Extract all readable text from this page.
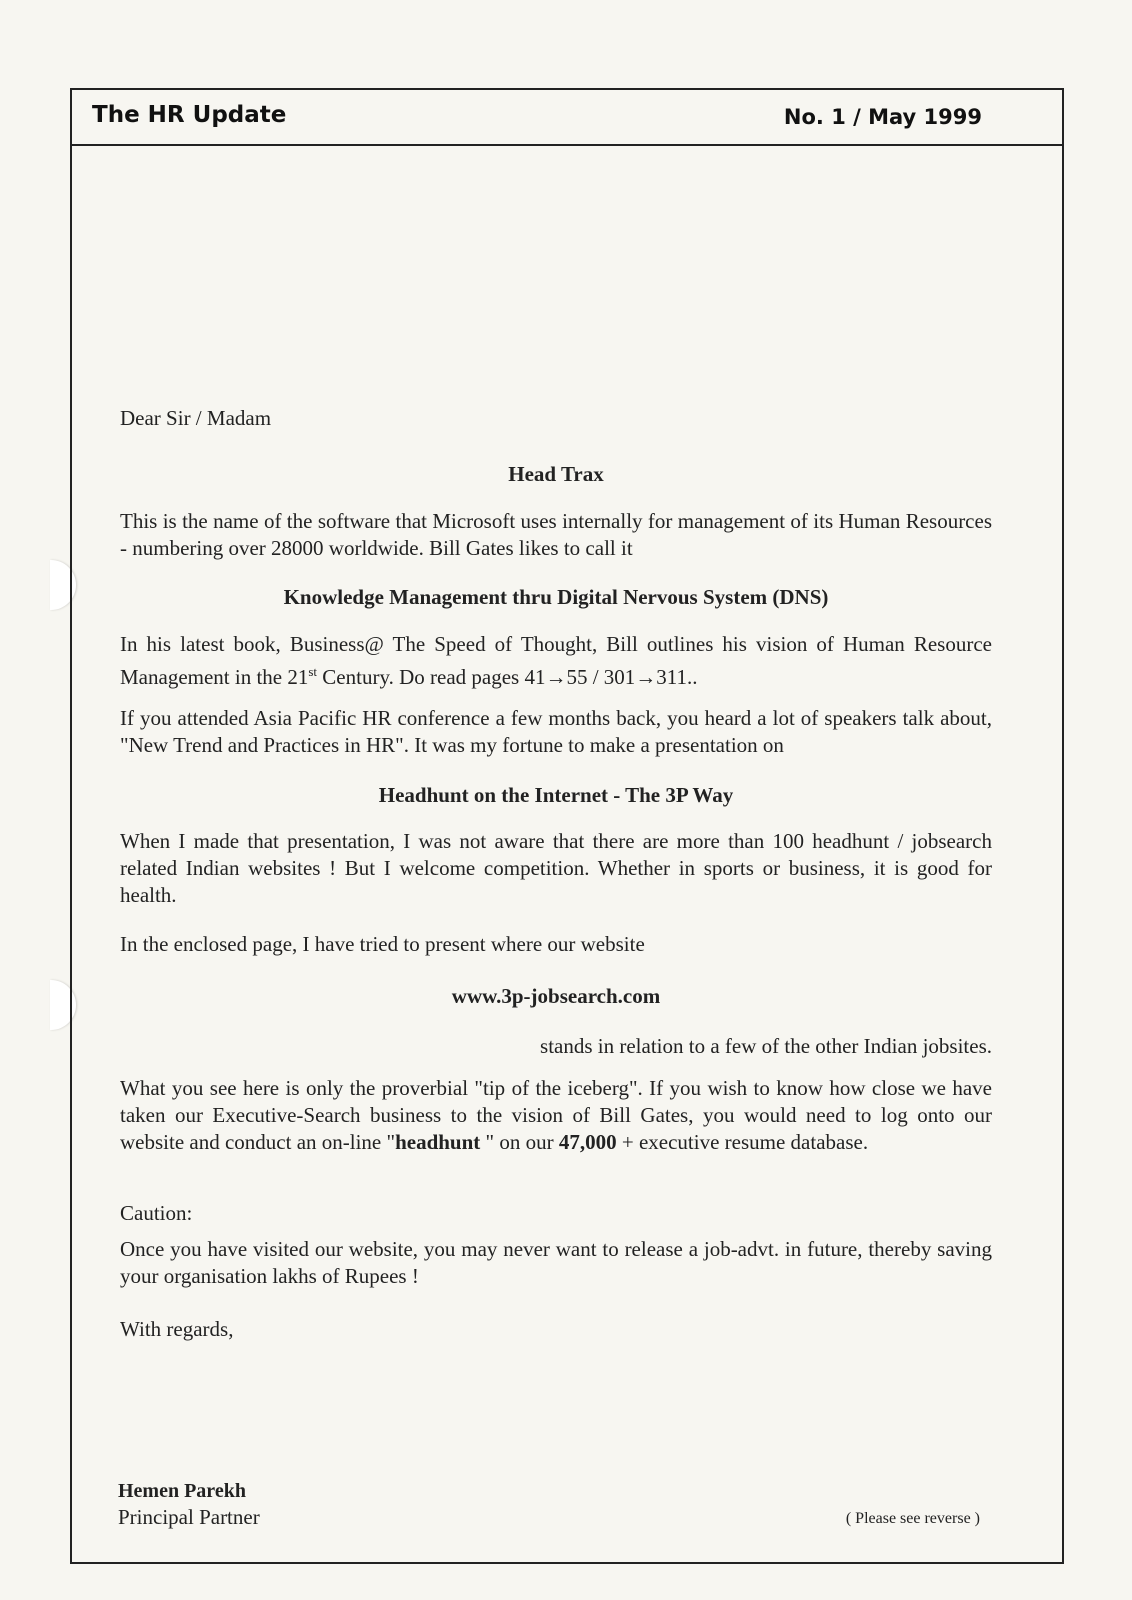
The HR Update	No. 1 / May 1999
Dear Sir / Madam
Head Trax
This is the name of the software that Microsoft uses internally for management of its Human Resources - numbering over 28000 worldwide. Bill Gates likes to call it
Knowledge Management thru Digital Nervous System (DNS)
In his latest book, Business@ The Speed of Thought, Bill outlines his vision of Human Resource Management in the 21st Century. Do read pages 41→55 / 301→311..
If you attended Asia Pacific HR conference a few months back, you heard a lot of speakers talk about, "New Trend and Practices in HR". It was my fortune to make a presentation on
Headhunt on the Internet - The 3P Way
When I made that presentation, I was not aware that there are more than 100 headhunt / jobsearch related Indian websites ! But I welcome competition. Whether in sports or business, it is good for health.
In the enclosed page, I have tried to present where our website
www.3p-jobsearch.com
stands in relation to a few of the other Indian jobsites.
What you see here is only the proverbial "tip of the iceberg". If you wish to know how close we have taken our Executive-Search business to the vision of Bill Gates, you would need to log onto our website and conduct an on-line "headhunt " on our 47,000 + executive resume database.
Caution:
Once you have visited our website, you may never want to release a job-advt. in future, thereby saving your organisation lakhs of Rupees !
With regards,
Hemen Parekh
Principal Partner	( Please see reverse )
